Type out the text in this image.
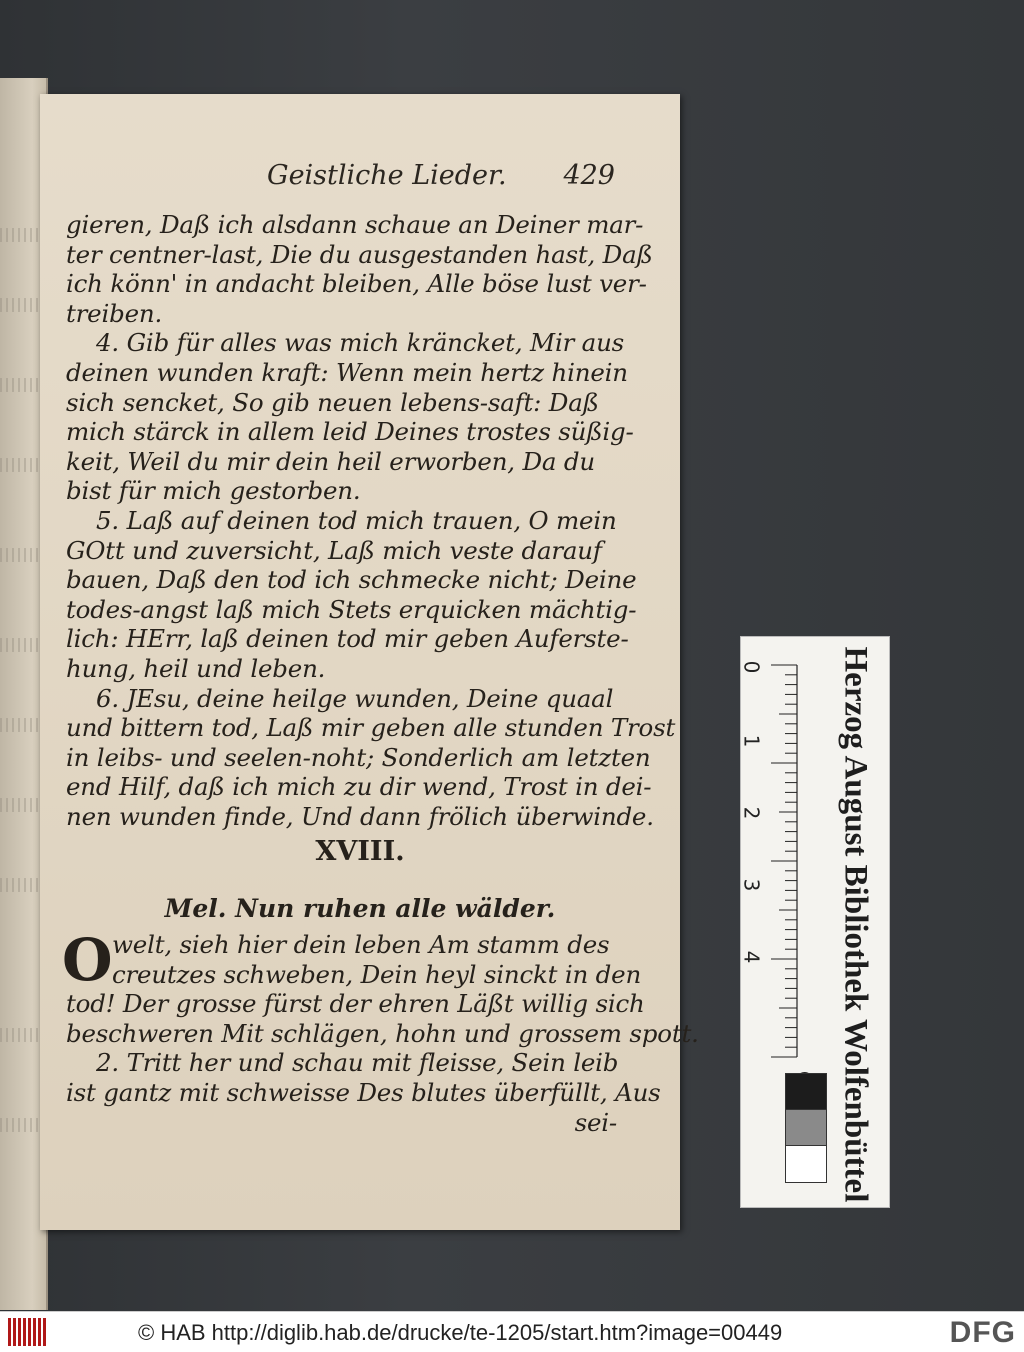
Geistliche Lieder. 429
gieren, Daß ich alsdann schaue an Deiner mar-
ter centner-last, Die du ausgestanden hast, Daß
ich könn' in andacht bleiben, Alle böse lust ver-
treiben.
4. Gib für alles was mich kräncket, Mir aus
deinen wunden kraft: Wenn mein hertz hinein
sich sencket, So gib neuen lebens-saft: Daß
mich stärck in allem leid Deines trostes süßig-
keit, Weil du mir dein heil erworben, Da du
bist für mich gestorben.
5. Laß auf deinen tod mich trauen, O mein
GOtt und zuversicht, Laß mich veste darauf
bauen, Daß den tod ich schmecke nicht; Deine
todes-angst laß mich Stets erquicken mächtig-
lich: HErr, laß deinen tod mir geben Auferste-
hung, heil und leben.
6. JEsu, deine heilge wunden, Deine quaal
und bittern tod, Laß mir geben alle stunden Trost
in leibs- und seelen-noht; Sonderlich am letzten
end Hilf, daß ich mich zu dir wend, Trost in dei-
nen wunden finde, Und dann frölich überwinde.
XVIII.
Mel. Nun ruhen alle wälder.
O welt, sieh hier dein leben Am stamm des
creutzes schweben, Dein heyl sinckt in den
tod! Der grosse fürst der ehren Läßt willig sich
beschweren Mit schlägen, hohn und grossem spott.
2. Tritt her und schau mit fleisse, Sein leib
ist gantz mit schweisse Des blutes überfüllt, Aus
sei-
0
1
2
3
4 Herzog August Bibliothek Wolfenbüttel
© HAB http://diglib.hab.de/drucke/te-1205/start.htm?image=00449	DFG
